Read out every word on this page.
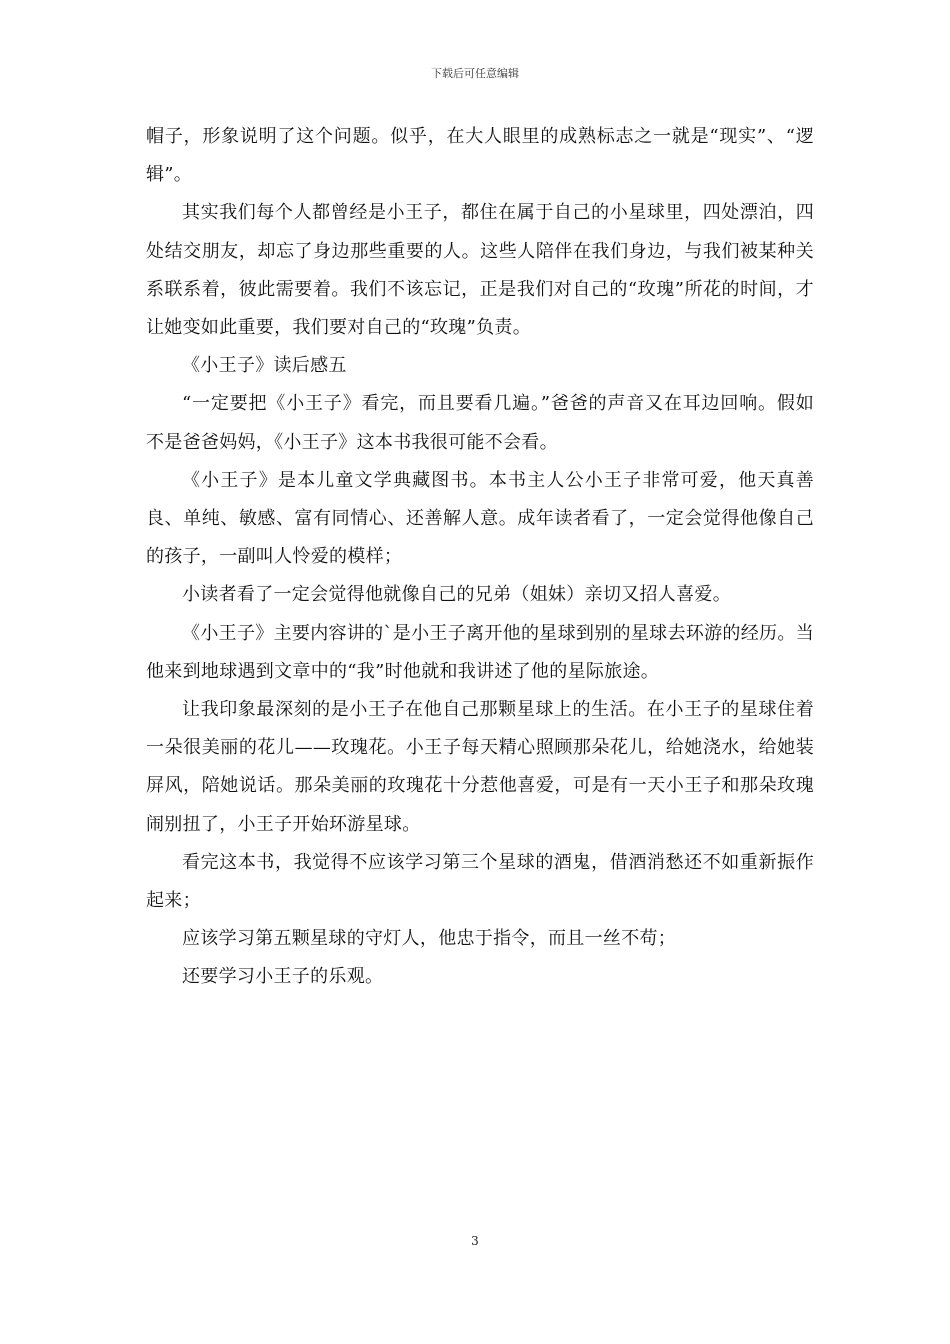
下载后可任意编辑

帽子，形象说明了这个问题。似乎，在大人眼里的成熟标志之一就是“现实”、“逻辑”。

其实我们每个人都曾经是小王子，都住在属于自己的小星球里，四处漂泊，四处结交朋友，却忘了身边那些重要的人。这些人陪伴在我们身边，与我们被某种关系联系着，彼此需要着。我们不该忘记，正是我们对自己的“玫瑰”所花的时间，才让她变如此重要，我们要对自己的“玫瑰”负责。

《小王子》读后感五

“一定要把《小王子》看完，而且要看几遍。”爸爸的声音又在耳边回响。假如不是爸爸妈妈，《小王子》这本书我很可能不会看。

《小王子》是本儿童文学典藏图书。本书主人公小王子非常可爱，他天真善良、单纯、敏感、富有同情心、还善解人意。成年读者看了，一定会觉得他像自己的孩子，一副叫人怜爱的模样；

小读者看了一定会觉得他就像自己的兄弟（姐妹）亲切又招人喜爱。

《小王子》主要内容讲的`是小王子离开他的星球到别的星球去环游的经历。当他来到地球遇到文章中的“我”时他就和我讲述了他的星际旅途。

让我印象最深刻的是小王子在他自己那颗星球上的生活。在小王子的星球住着一朵很美丽的花儿——玫瑰花。小王子每天精心照顾那朵花儿，给她浇水，给她装屏风，陪她说话。那朵美丽的玫瑰花十分惹他喜爱，可是有一天小王子和那朵玫瑰闹别扭了，小王子开始环游星球。

看完这本书，我觉得不应该学习第三个星球的酒鬼，借酒消愁还不如重新振作起来；

应该学习第五颗星球的守灯人，他忠于指令，而且一丝不苟；

还要学习小王子的乐观。

3
